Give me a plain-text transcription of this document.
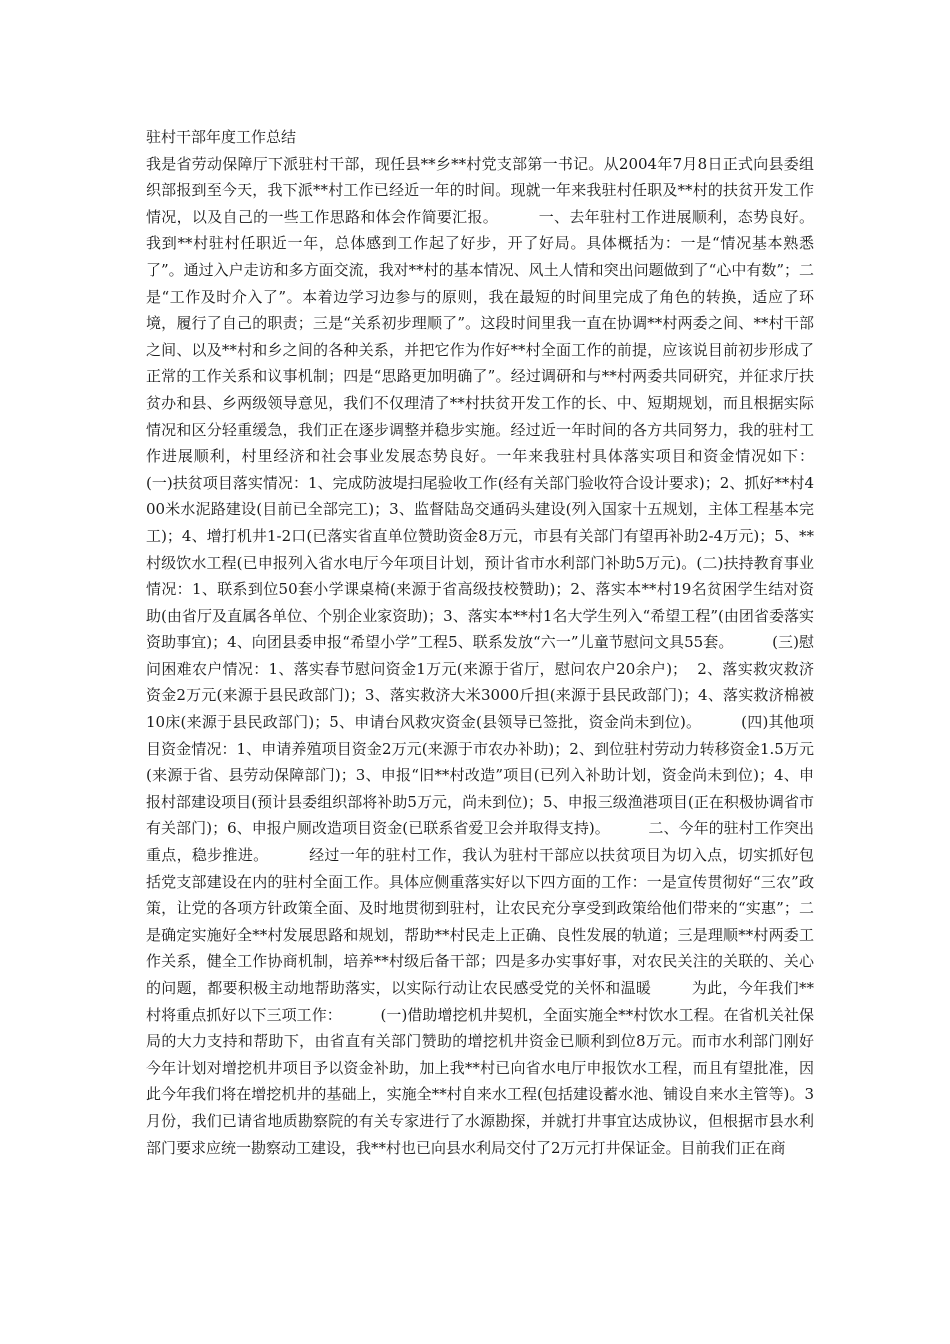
驻村干部年度工作总结

我是省劳动保障厅下派驻村干部，现任县**乡**村党支部第一书记。从2004年7月8日正式向县委组织部报到至今天，我下派**村工作已经近一年的时间。现就一年来我驻村任职及**村的扶贫开发工作情况，以及自己的一些工作思路和体会作简要汇报。        一、去年驻村工作进展顺利，态势良好。        我到**村驻村任职近一年，总体感到工作起了好步，开了好局。具体概括为：一是“情况基本熟悉了”。通过入户走访和多方面交流，我对**村的基本情况、风土人情和突出问题做到了“心中有数”；二是“工作及时介入了”。本着边学习边参与的原则，我在最短的时间里完成了角色的转换，适应了环境，履行了自己的职责；三是“关系初步理顺了”。这段时间里我一直在协调**村两委之间、**村干部之间、以及**村和乡之间的各种关系，并把它作为作好**村全面工作的前提，应该说目前初步形成了正常的工作关系和议事机制；四是“思路更加明确了”。经过调研和与**村两委共同研究，并征求厅扶贫办和县、乡两级领导意见，我们不仅理清了**村扶贫开发工作的长、中、短期规划，而且根据实际情况和区分轻重缓急，我们正在逐步调整并稳步实施。经过近一年时间的各方共同努力，我的驻村工作进展顺利，村里经济和社会事业发展态势良好。一年来我驻村具体落实项目和资金情况如下：        (一)扶贫项目落实情况：1、完成防波堤扫尾验收工作(经有关部门验收符合设计要求)；2、抓好**村400米水泥路建设(目前已全部完工)；3、监督陆岛交通码头建设(列入国家十五规划，主体工程基本完工)；4、增打机井1-2口(已落实省直单位赞助资金8万元，市县有关部门有望再补助2-4万元)；5、**村级饮水工程(已申报列入省水电厅今年项目计划，预计省市水利部门补助5万元)。(二)扶持教育事业情况：1、联系到位50套小学课桌椅(来源于省高级技校赞助)；2、落实本**村19名贫困学生结对资助(由省厅及直属各单位、个别企业家资助)；3、落实本**村1名大学生列入“希望工程”(由团省委落实资助事宜)；4、向团县委申报“希望小学”工程5、联系发放“六一”儿童节慰问文具55套。        (三)慰问困难农户情况：1、落实春节慰问资金1万元(来源于省厅，慰问农户20余户)；  2、落实救灾救济资金2万元(来源于县民政部门)；3、落实救济大米3000斤担(来源于县民政部门)；4、落实救济棉被10床(来源于县民政部门)；5、申请台风救灾资金(县领导已签批，资金尚未到位)。        (四)其他项目资金情况：1、申请养殖项目资金2万元(来源于市农办补助)；2、到位驻村劳动力转移资金1.5万元(来源于省、县劳动保障部门)；3、申报“旧**村改造”项目(已列入补助计划，资金尚未到位)；4、申报村部建设项目(预计县委组织部将补助5万元，尚未到位)；5、申报三级渔港项目(正在积极协调省市有关部门)；6、申报户厕改造项目资金(已联系省爱卫会并取得支持)。        二、今年的驻村工作突出重点，稳步推进。        经过一年的驻村工作，我认为驻村干部应以扶贫项目为切入点，切实抓好包括党支部建设在内的驻村全面工作。具体应侧重落实好以下四方面的工作：一是宣传贯彻好“三农”政策，让党的各项方针政策全面、及时地贯彻到驻村，让农民充分享受到政策给他们带来的“实惠”；二是确定实施好全**村发展思路和规划，帮助**村民走上正确、良性发展的轨道；三是理顺**村两委工作关系，健全工作协商机制，培养**村级后备干部；四是多办实事好事，对农民关注的关联的、关心的问题，都要积极主动地帮助落实，以实际行动让农民感受党的关怀和温暖        为此，今年我们**村将重点抓好以下三项工作：        (一)借助增挖机井契机，全面实施全**村饮水工程。在省机关社保局的大力支持和帮助下，由省直有关部门赞助的增挖机井资金已顺利到位8万元。而市水利部门刚好今年计划对增挖机井项目予以资金补助，加上我**村已向省水电厅申报饮水工程，而且有望批准，因此今年我们将在增挖机井的基础上，实施全**村自来水工程(包括建设蓄水池、铺设自来水主管等)。3月份，我们已请省地质勘察院的有关专家进行了水源勘探，并就打井事宜达成协议，但根据市县水利部门要求应统一勘察动工建设，我**村也已向县水利局交付了2万元打井保证金。目前我们正在商
